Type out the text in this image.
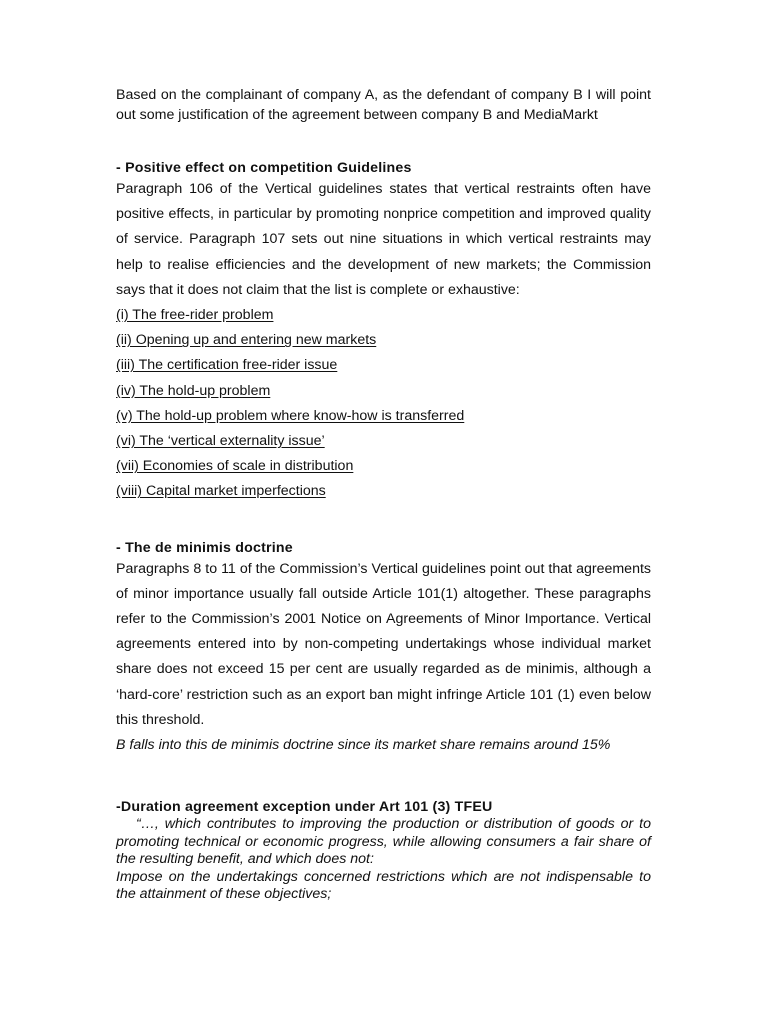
Based on the complainant of company A, as the defendant of company B I will point out some justification of the agreement between company B and MediaMarkt

- Positive effect on competition Guidelines

Paragraph 106 of the Vertical guidelines states that vertical restraints often have positive effects, in particular by promoting nonprice competition and improved quality of service. Paragraph 107 sets out nine situations in which vertical restraints may help to realise efficiencies and the development of new markets; the Commission says that it does not claim that the list is complete or exhaustive:

(i) The free-rider problem
(ii) Opening up and entering new markets
(iii) The certification free-rider issue
(iv) The hold-up problem
(v) The hold-up problem where know-how is transferred
(vi) The ‘vertical externality issue’
(vii) Economies of scale in distribution
(viii) Capital market imperfections

- The de minimis doctrine

Paragraphs 8 to 11 of the Commission’s Vertical guidelines point out that agreements of minor importance usually fall outside Article 101(1) altogether. These paragraphs refer to the Commission’s 2001 Notice on Agreements of Minor Importance. Vertical agreements entered into by non-competing undertakings whose individual market share does not exceed 15 per cent are usually regarded as de minimis, although a ‘hard-core’ restriction such as an export ban might infringe Article 101 (1) even below this threshold.

B falls into this de minimis doctrine since its market share remains around 15%

-Duration agreement exception under Art 101 (3) TFEU

“…, which contributes to improving the production or distribution of goods or to promoting technical or economic progress, while allowing consumers a fair share of the resulting benefit, and which does not:

Impose on the undertakings concerned restrictions which are not indispensable to the attainment of these objectives;
